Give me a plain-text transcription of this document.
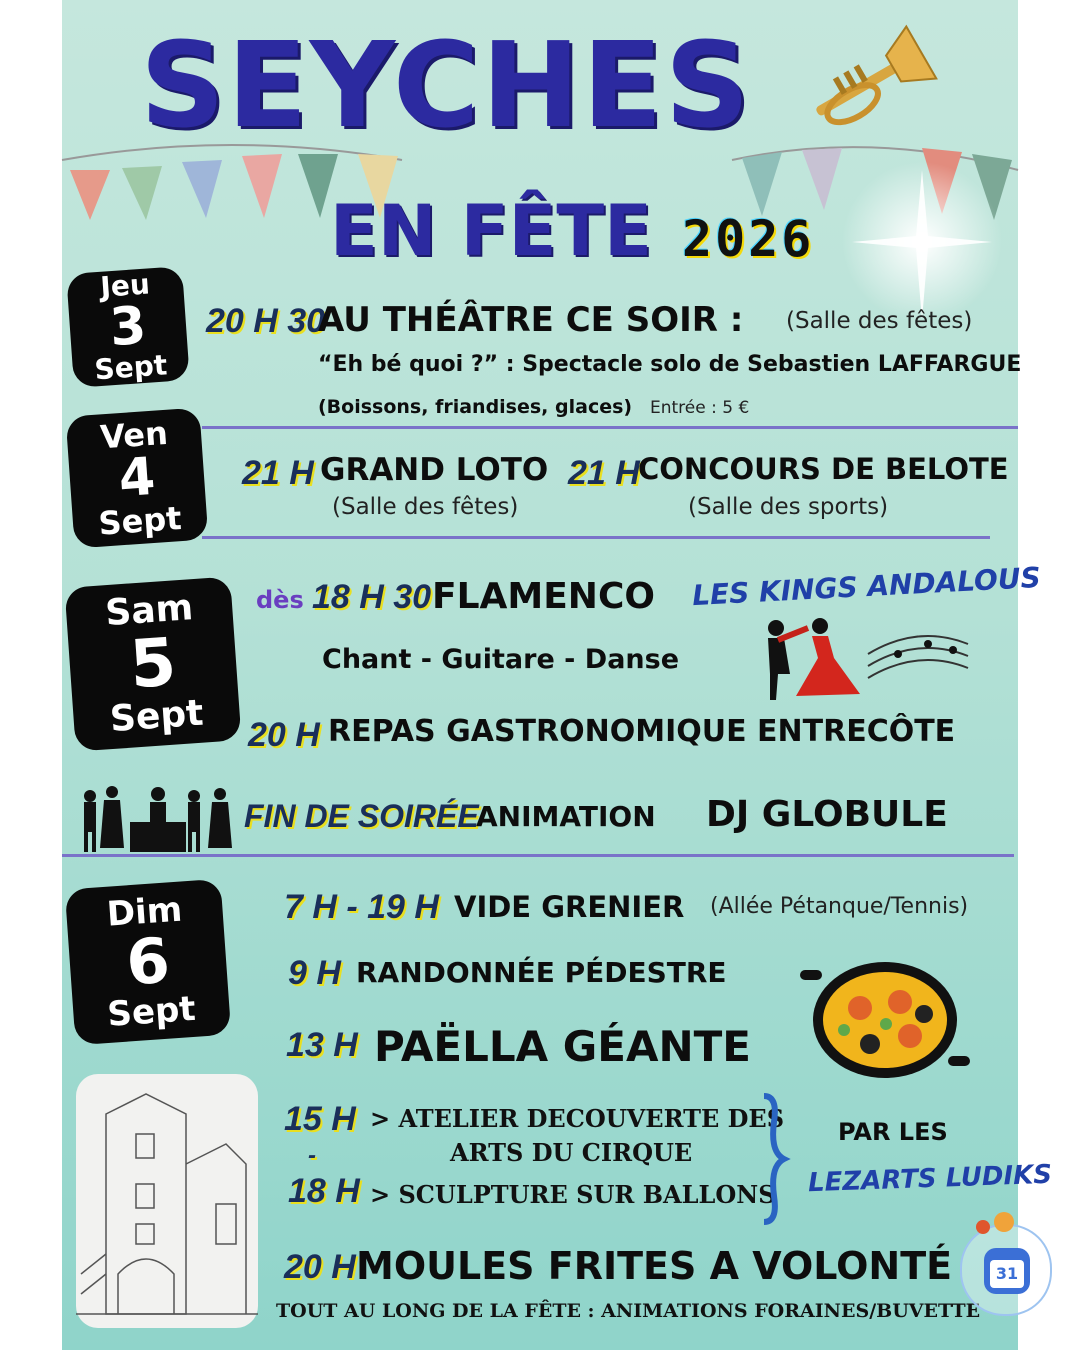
SEYCHES
EN FÊTE 2026
Jeu
3
Sept
20 H 30
AU THÉÂTRE CE SOIR : (Salle des fêtes)
“Eh bé quoi ?” : Spectacle solo de Sebastien LAFFARGUE
(Boissons, friandises, glaces) Entrée : 5 €
Ven
4
Sept
21 H GRAND LOTO
(Salle des fêtes)
21 H
CONCOURS DE BELOTE
(Salle des sports)
Sam
5
Sept
dès 18 H 30 FLAMENCO LES KINGS ANDALOUS
Chant - Guitare - Danse
20 H REPAS GASTRONOMIQUE ENTRECÔTE
FIN DE SOIRÉE
ANIMATION DJ GLOBULE
Dim
6
Sept
7 H - 19 H VIDE GRENIER (Allée Pétanque/Tennis)
9 H RANDONNÉE PÉDESTRE
13 H PAËLLA GÉANTE
15 H
-
18 H
> ATELIER DECOUVERTE DES
ARTS DU CIRQUE
> SCULPTURE SUR BALLONS
PAR LES
LEZARTS LUDIKS
20 H MOULES FRITES A VOLONTÉ
TOUT AU LONG DE LA FÊTE : ANIMATIONS FORAINES/BUVETTE
31
